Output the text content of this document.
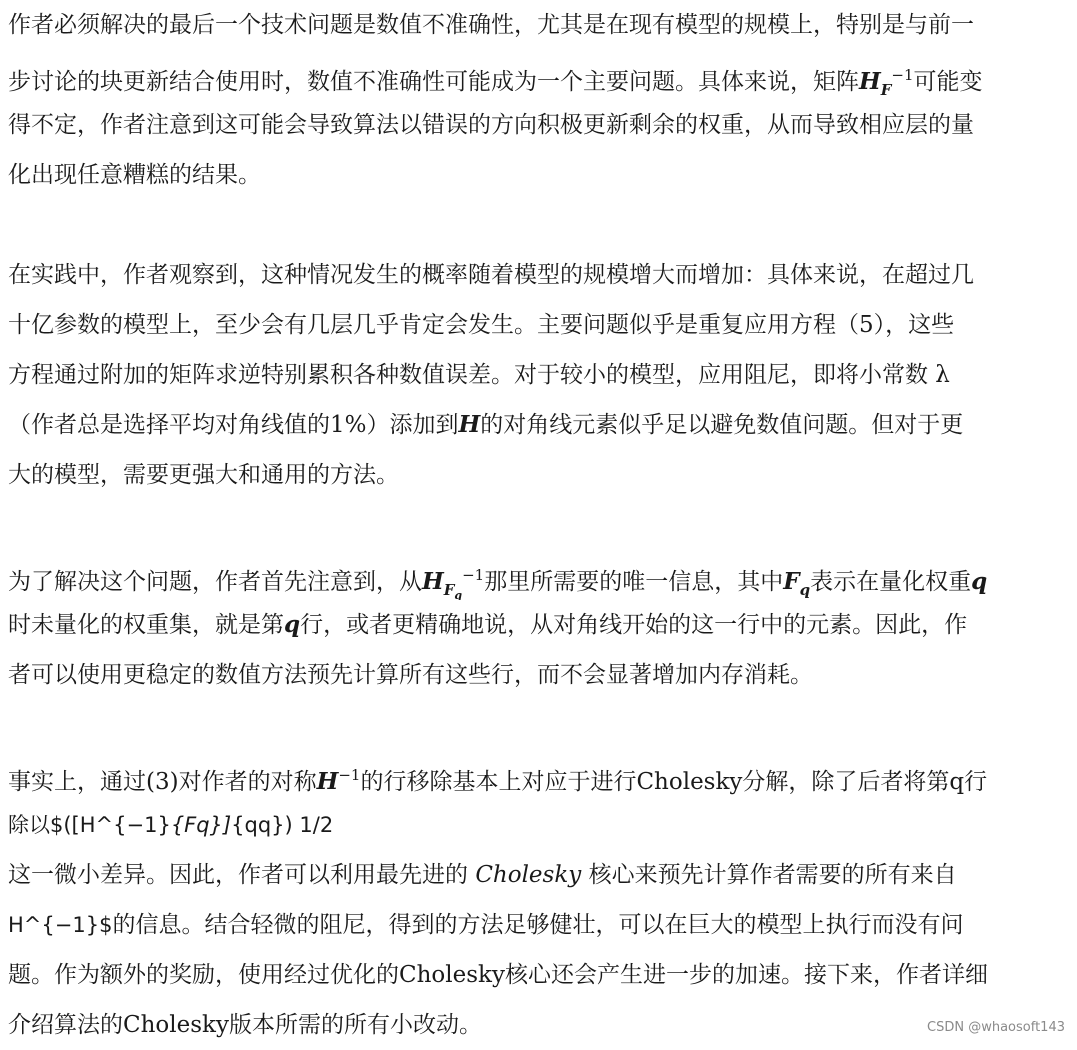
作者必须解决的最后一个技术问题是数值不准确性，尤其是在现有模型的规模上，特别是与前一
步讨论的块更新结合使用时，数值不准确性可能成为一个主要问题。具体来说，矩阵$H_F^{-1}$可能变
得不定，作者注意到这可能会导致算法以错误的方向积极更新剩余的权重，从而导致相应层的量
化出现任意糟糕的结果。
在实践中，作者观察到，这种情况发生的概率随着模型的规模增大而增加：具体来说，在超过几
十亿参数的模型上，至少会有几层几乎肯定会发生。主要问题似乎是重复应用方程（5），这些
方程通过附加的矩阵求逆特别累积各种数值误差。对于较小的模型，应用阻尼，即将小常数 λ
（作者总是选择平均对角线值的1%）添加到H的对角线元素似乎足以避免数值问题。但对于更
大的模型，需要更强大和通用的方法。
为了解决这个问题，作者首先注意到，从$H_{F_q}^{-1}$那里所需要的唯一信息，其中$F_q$表示在量化权重q
时未量化的权重集，就是第q行，或者更精确地说，从对角线开始的这一行中的元素。因此，作
者可以使用更稳定的数值方法预先计算所有这些行，而不会显著增加内存消耗。
事实上，通过(3)对作者的对称$H^{-1}$的行移除基本上对应于进行Cholesky分解，除了后者将第q行
除以$([H^{−1}{Fq}]{qq}) 1/2
这一微小差异。因此，作者可以利用最先进的 Cholesky 核心来预先计算作者需要的所有来自
H^{−1}$的信息。结合轻微的阻尼，得到的方法足够健壮，可以在巨大的模型上执行而没有问
题。作为额外的奖励，使用经过优化的Cholesky核心还会产生进一步的加速。接下来，作者详细
介绍算法的Cholesky版本所需的所有小改动。	CSDN @whaosoft143
